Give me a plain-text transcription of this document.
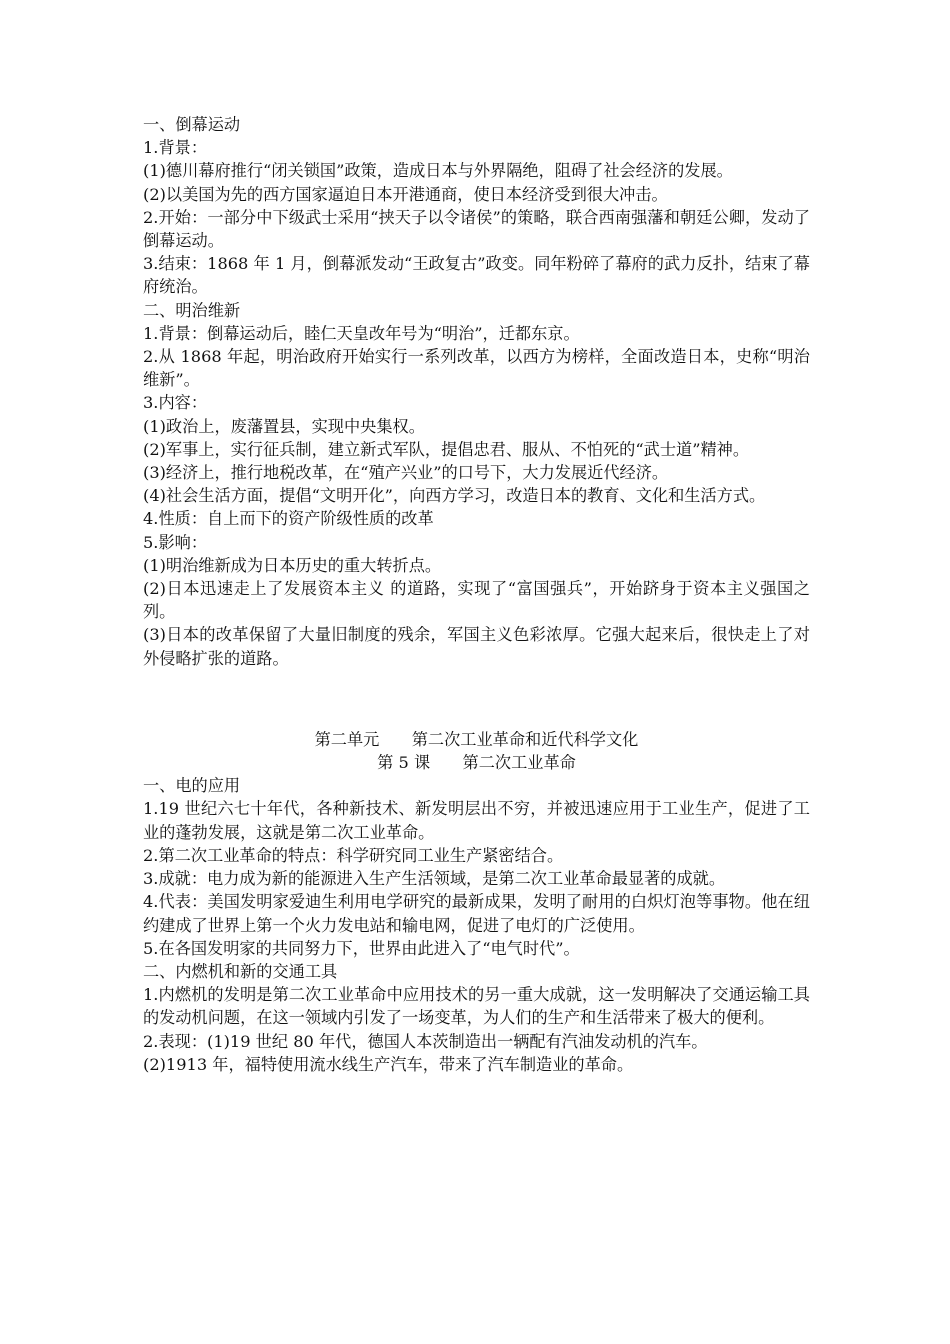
一、倒幕运动

1.背景：

(1)德川幕府推行“闭关锁国”政策，造成日本与外界隔绝，阻碍了社会经济的发展。

(2)以美国为先的西方国家逼迫日本开港通商，使日本经济受到很大冲击。

2.开始：一部分中下级武士采用“挟天子以令诸侯”的策略，联合西南强藩和朝廷公卿，发动了倒幕运动。

3.结束：1868 年 1 月，倒幕派发动“王政复古”政变。同年粉碎了幕府的武力反扑，结束了幕府统治。

二、明治维新

1.背景：倒幕运动后，睦仁天皇改年号为“明治”，迁都东京。

2.从 1868 年起，明治政府开始实行一系列改革，以西方为榜样，全面改造日本，史称“明治维新”。

3.内容：

(1)政治上，废藩置县，实现中央集权。

(2)军事上，实行征兵制，建立新式军队，提倡忠君、服从、不怕死的“武士道”精神。

(3)经济上，推行地税改革，在“殖产兴业”的口号下，大力发展近代经济。

(4)社会生活方面，提倡“文明开化”，向西方学习，改造日本的教育、文化和生活方式。

4.性质：自上而下的资产阶级性质的改革

5.影响：

(1)明治维新成为日本历史的重大转折点。

(2)日本迅速走上了发展资本主义 的道路，实现了“富国强兵”，开始跻身于资本主义强国之列。

(3)日本的改革保留了大量旧制度的残余，军国主义色彩浓厚。它强大起来后，很快走上了对外侵略扩张的道路。

第二单元　　第二次工业革命和近代科学文化

第 5 课　　第二次工业革命

一、电的应用

1.19 世纪六七十年代，各种新技术、新发明层出不穷，并被迅速应用于工业生产，促进了工业的蓬勃发展，这就是第二次工业革命。

2.第二次工业革命的特点：科学研究同工业生产紧密结合。

3.成就：电力成为新的能源进入生产生活领域，是第二次工业革命最显著的成就。

4.代表：美国发明家爱迪生利用电学研究的最新成果，发明了耐用的白炽灯泡等事物。他在纽约建成了世界上第一个火力发电站和输电网，促进了电灯的广泛使用。

5.在各国发明家的共同努力下，世界由此进入了“电气时代”。

二、内燃机和新的交通工具

1.内燃机的发明是第二次工业革命中应用技术的另一重大成就，这一发明解决了交通运输工具的发动机问题，在这一领域内引发了一场变革，为人们的生产和生活带来了极大的便利。

2.表现：(1)19 世纪 80 年代，德国人本茨制造出一辆配有汽油发动机的汽车。

(2)1913 年，福特使用流水线生产汽车，带来了汽车制造业的革命。
